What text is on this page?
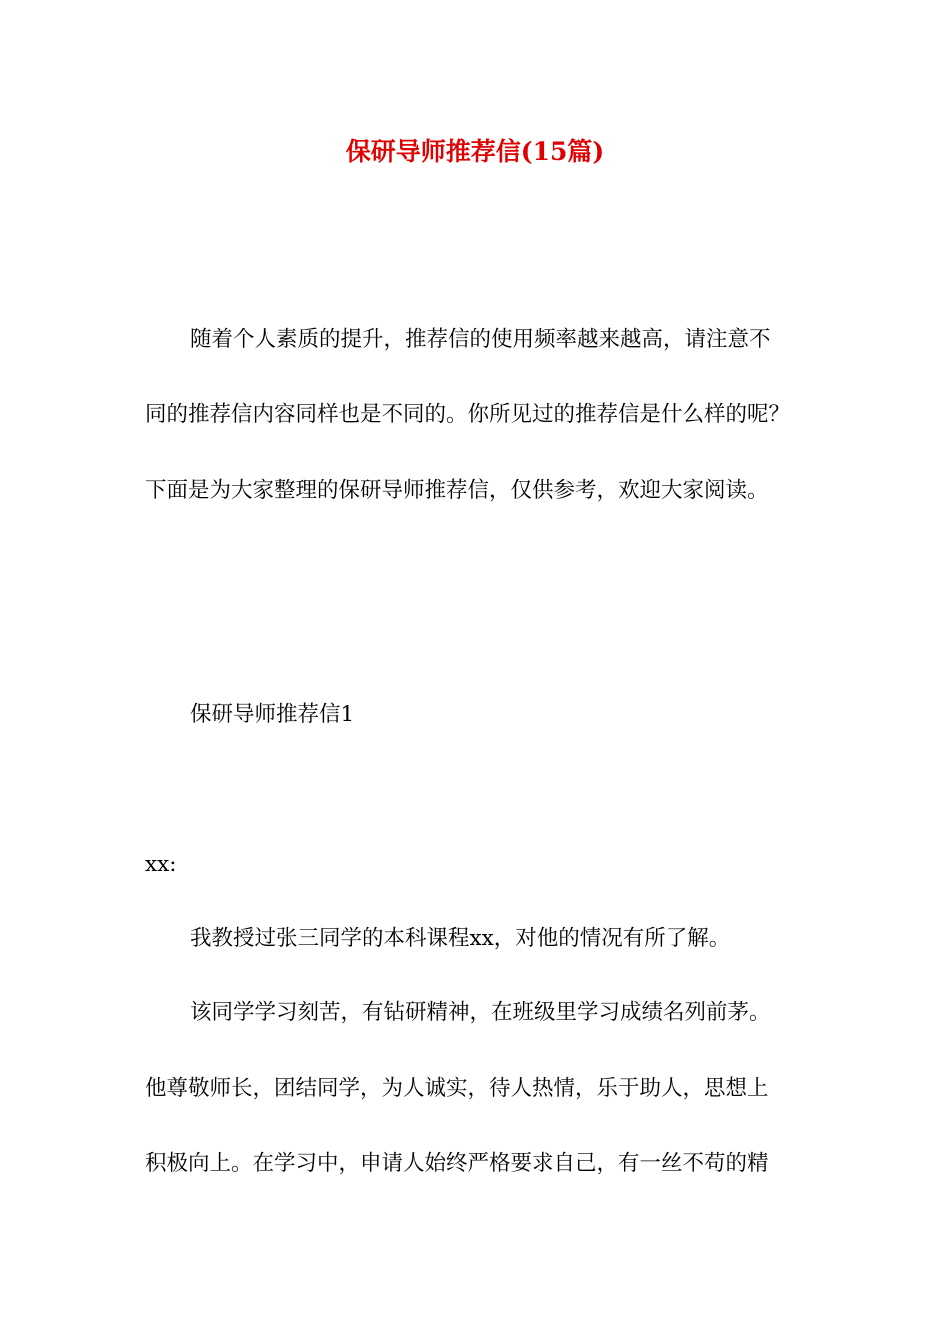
保研导师推荐信(15篇)
随着个人素质的提升，推荐信的使用频率越来越高，请注意不
同的推荐信内容同样也是不同的。你所见过的推荐信是什么样的呢？
下面是为大家整理的保研导师推荐信，仅供参考，欢迎大家阅读。
保研导师推荐信1
xx:
我教授过张三同学的本科课程xx，对他的情况有所了解。
该同学学习刻苦，有钻研精神，在班级里学习成绩名列前茅。
他尊敬师长，团结同学，为人诚实，待人热情，乐于助人，思想上
积极向上。在学习中，申请人始终严格要求自己，有一丝不苟的精
